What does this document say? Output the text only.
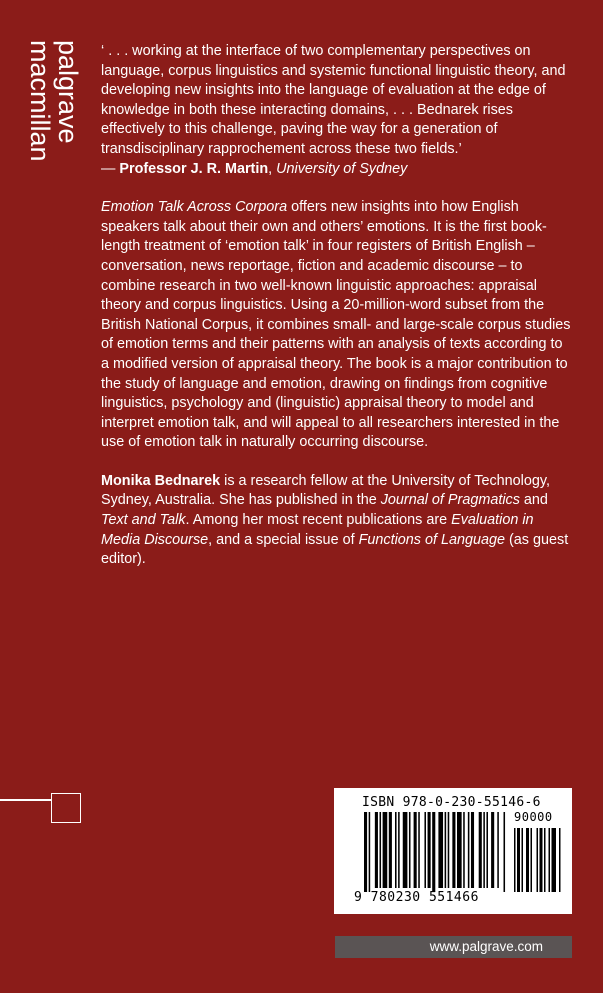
palgrave
macmillan	‘ . . . working at the interface of two complementary perspectives on language, corpus linguistics and systemic functional linguistic theory, and developing new insights into the language of evaluation at the edge of knowledge in both these interacting domains, . . . Bednarek rises effectively to this challenge, paving the way for a generation of transdisciplinary rapprochement across these two fields.’
— Professor J. R. Martin, University of Sydney

Emotion Talk Across Corpora offers new insights into how English speakers talk about their own and others’ emotions. It is the first book-length treatment of ‘emotion talk’ in four registers of British English – conversation, news reportage, fiction and academic discourse – to combine research in two well-known linguistic approaches: appraisal theory and corpus linguistics. Using a 20-million-word subset from the British National Corpus, it combines small- and large-scale corpus studies of emotion terms and their patterns with an analysis of texts according to a modified version of appraisal theory. The book is a major contribution to the study of language and emotion, drawing on findings from cognitive linguistics, psychology and (linguistic) appraisal theory to model and interpret emotion talk, and will appeal to all researchers interested in the use of emotion talk in naturally occurring discourse.

Monika Bednarek is a research fellow at the University of Technology, Sydney, Australia. She has published in the Journal of Pragmatics and Text and Talk. Among her most recent publications are Evaluation in Media Discourse, and a special issue of Functions of Language (as guest editor).

ISBN 978-0-230-55146-6
90000
9 780230 551466
www.palgrave.com
